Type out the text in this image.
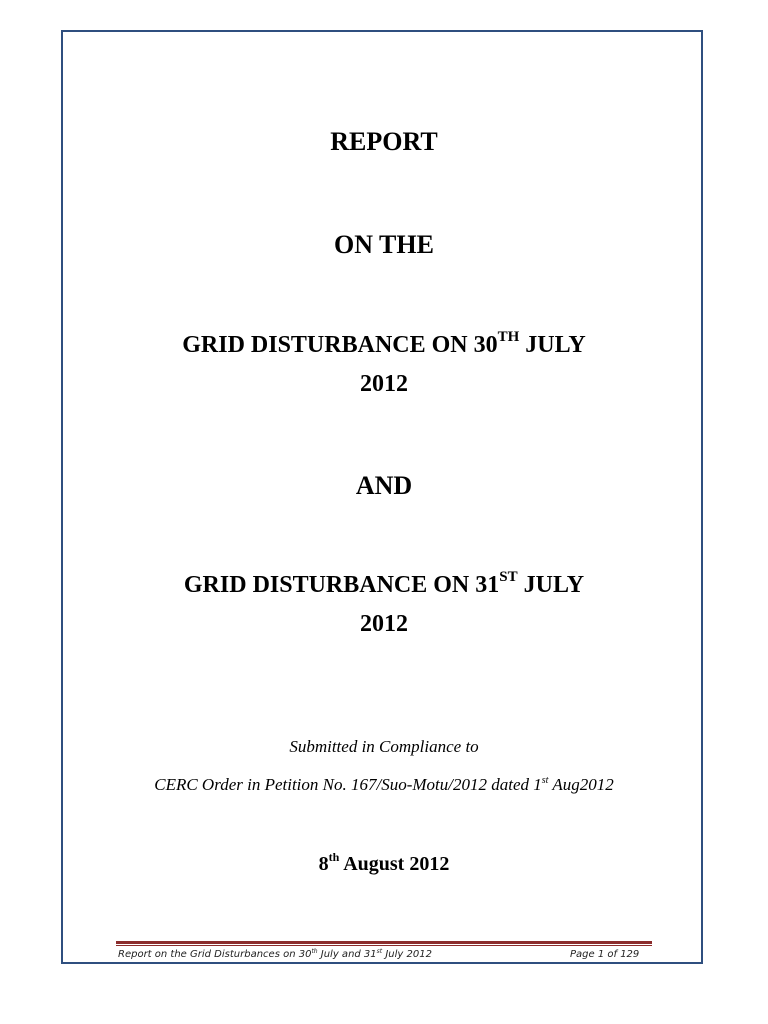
REPORT
ON THE
GRID DISTURBANCE ON 30TH JULY
2012
AND
GRID DISTURBANCE ON 31ST JULY
2012
Submitted in Compliance to
CERC Order in Petition No. 167/Suo-Motu/2012 dated 1st Aug2012
8th August 2012
Report on the Grid Disturbances on 30th July and 31st July 2012	Page 1 of 129
